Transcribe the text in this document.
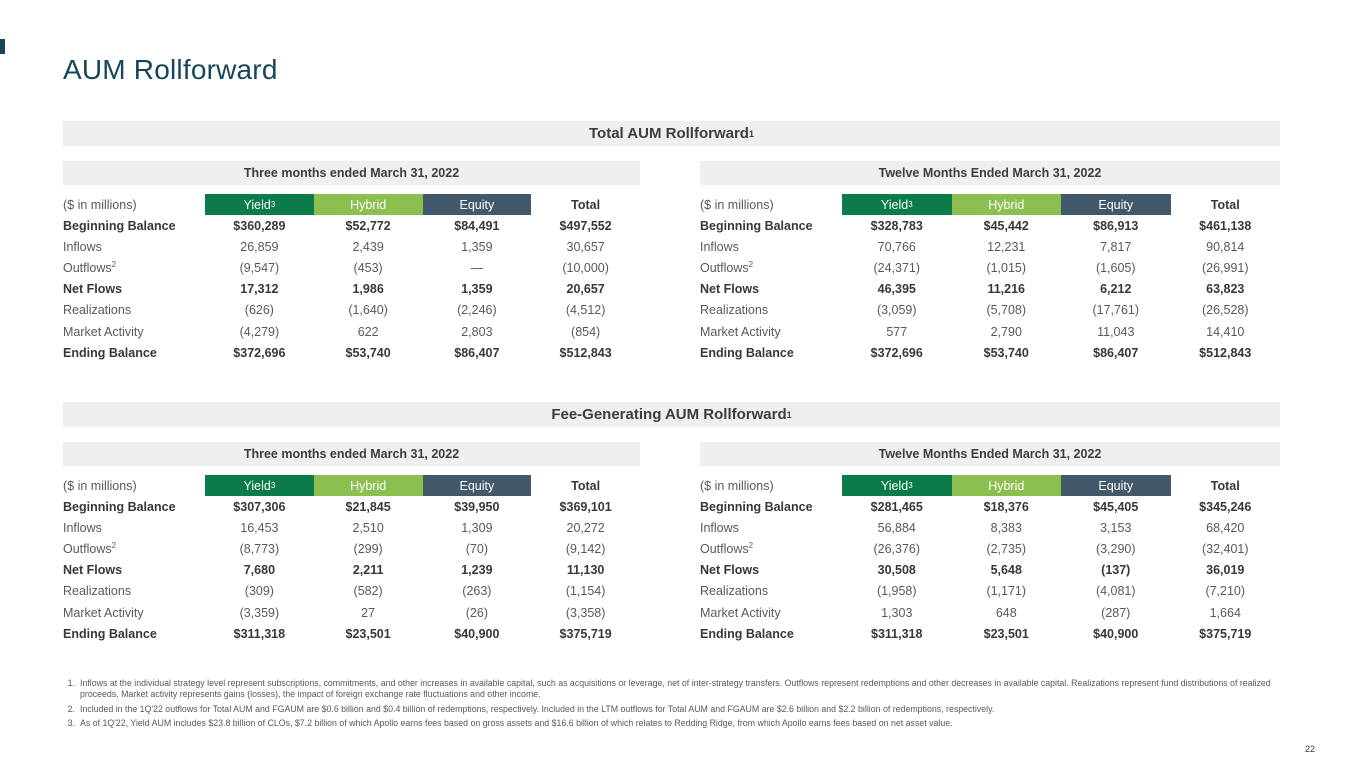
AUM Rollforward
Total AUM Rollforward 1
Three months ended March 31, 2022
($ in millions)	Yield 3	Hybrid	Equity	Total
Beginning Balance	$360,289	$52,772	$84,491	$497,552
Inflows	26,859	2,439	1,359	30,657
Outflows$^2$	(9,547)	(453)	—	(10,000)
Net Flows	17,312	1,986	1,359	20,657
Realizations	(626)	(1,640)	(2,246)	(4,512)
Market Activity	(4,279)	622	2,803	(854)
Ending Balance	$372,696	$53,740	$86,407	$512,843
Twelve Months Ended March 31, 2022
($ in millions)	Yield 3	Hybrid	Equity	Total
Beginning Balance	$328,783	$45,442	$86,913	$461,138
Inflows	70,766	12,231	7,817	90,814
Outflows$^2$	(24,371)	(1,015)	(1,605)	(26,991)
Net Flows	46,395	11,216	6,212	63,823
Realizations	(3,059)	(5,708)	(17,761)	(26,528)
Market Activity	577	2,790	11,043	14,410
Ending Balance	$372,696	$53,740	$86,407	$512,843
Fee-Generating AUM Rollforward 1
Three months ended March 31, 2022
($ in millions)	Yield 3	Hybrid	Equity	Total
Beginning Balance	$307,306	$21,845	$39,950	$369,101
Inflows	16,453	2,510	1,309	20,272
Outflows$^2$	(8,773)	(299)	(70)	(9,142)
Net Flows	7,680	2,211	1,239	11,130
Realizations	(309)	(582)	(263)	(1,154)
Market Activity	(3,359)	27	(26)	(3,358)
Ending Balance	$311,318	$23,501	$40,900	$375,719
Twelve Months Ended March 31, 2022
($ in millions)	Yield 3	Hybrid	Equity	Total
Beginning Balance	$281,465	$18,376	$45,405	$345,246
Inflows	56,884	8,383	3,153	68,420
Outflows$^2$	(26,376)	(2,735)	(3,290)	(32,401)
Net Flows	30,508	5,648	(137)	36,019
Realizations	(1,958)	(1,171)	(4,081)	(7,210)
Market Activity	1,303	648	(287)	1,664
Ending Balance	$311,318	$23,501	$40,900	$375,719
1. Inflows at the individual strategy level represent subscriptions, commitments, and other increases in available capital, such as acquisitions or leverage, net of inter-strategy transfers. Outflows represent redemptions and other decreases in available capital. Realizations represent fund distributions of realized proceeds. Market activity represents gains (losses), the impact of foreign exchange rate fluctuations and other income.
2. Included in the 1Q'22 outflows for Total AUM and FGAUM are $0.6 billion and $0.4 billion of redemptions, respectively. Included in the LTM outflows for Total AUM and FGAUM are $2.6 billion and $2.2 billion of redemptions, respectively.
3. As of 1Q'22, Yield AUM includes $23.8 billion of CLOs, $7.2 billion of which Apollo earns fees based on gross assets and $16.6 billion of which relates to Redding Ridge, from which Apollo earns fees based on net asset value.
22
